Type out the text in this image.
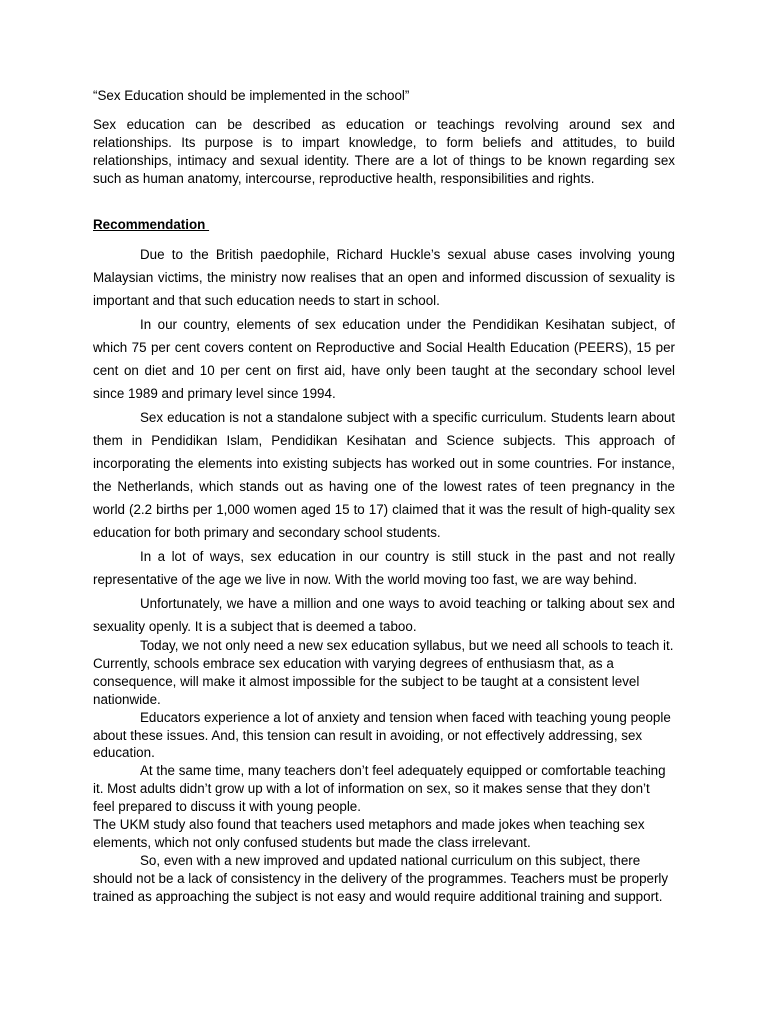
“Sex Education should be implemented in the school”
Sex education can be described as education or teachings revolving around sex and relationships. Its purpose is to impart knowledge, to form beliefs and attitudes, to build relationships, intimacy and sexual identity. There are a lot of things to be known regarding sex such as human anatomy, intercourse, reproductive health, responsibilities and rights.
Recommendation

Due to the British paedophile, Richard Huckle’s sexual abuse cases involving young Malaysian victims, the ministry now realises that an open and informed discussion of sexuality is important and that such education needs to start in school.

In our country, elements of sex education under the Pendidikan Kesihatan subject, of which 75 per cent covers content on Reproductive and Social Health Education (PEERS), 15 per cent on diet and 10 per cent on first aid, have only been taught at the secondary school level since 1989 and primary level since 1994.

Sex education is not a standalone subject with a specific curriculum. Students learn about them in Pendidikan Islam, Pendidikan Kesihatan and Science subjects. This approach of incorporating the elements into existing subjects has worked out in some countries. For instance, the Netherlands, which stands out as having one of the lowest rates of teen pregnancy in the world (2.2 births per 1,000 women aged 15 to 17) claimed that it was the result of high-quality sex education for both primary and secondary school students.

In a lot of ways, sex education in our country is still stuck in the past and not really representative of the age we live in now. With the world moving too fast, we are way behind.

Unfortunately, we have a million and one ways to avoid teaching or talking about sex and sexuality openly. It is a subject that is deemed a taboo.

Today, we not only need a new sex education syllabus, but we need all schools to teach it. Currently, schools embrace sex education with varying degrees of enthusiasm that, as a consequence, will make it almost impossible for the subject to be taught at a consistent level nationwide.

Educators experience a lot of anxiety and tension when faced with teaching young people about these issues. And, this tension can result in avoiding, or not effectively addressing, sex education.

At the same time, many teachers don’t feel adequately equipped or comfortable teaching it. Most adults didn’t grow up with a lot of information on sex, so it makes sense that they don’t feel prepared to discuss it with young people.

The UKM study also found that teachers used metaphors and made jokes when teaching sex elements, which not only confused students but made the class irrelevant.

So, even with a new improved and updated national curriculum on this subject, there should not be a lack of consistency in the delivery of the programmes. Teachers must be properly trained as approaching the subject is not easy and would require additional training and support.
